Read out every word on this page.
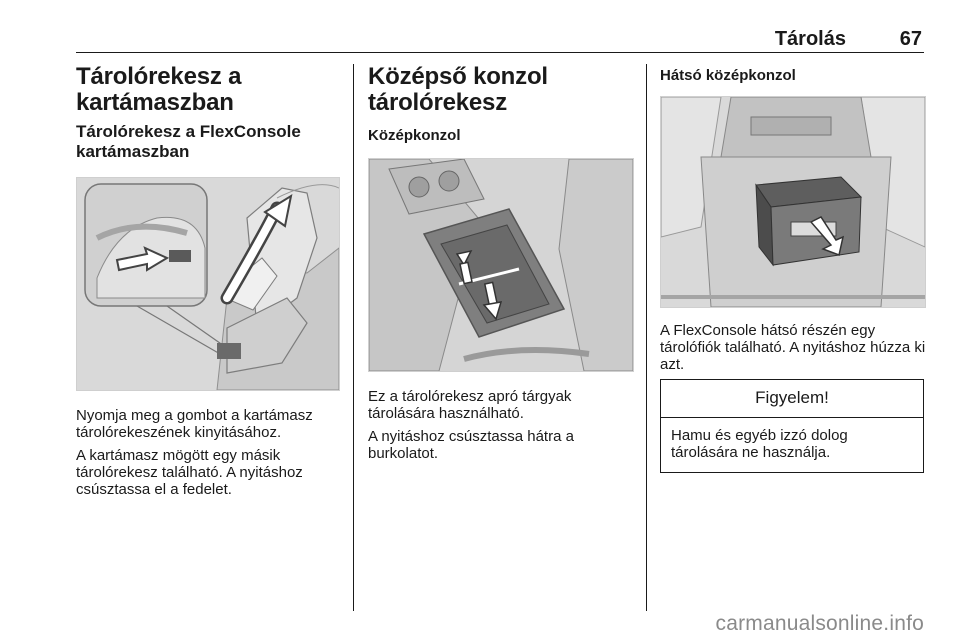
Tárolás	67
Tárolórekesz a kartámaszban
Tárolórekesz a FlexConsole kartámaszban

Nyomja meg a gombot a kartámasz tárolórekeszének kinyitásához.

A kartámasz mögött egy másik tárolórekesz található. A nyitáshoz csúsztassa el a fedelet.

Középső konzol tárolórekesz
Középkonzol

Ez a tárolórekesz apró tárgyak tárolására használható.

A nyitáshoz csúsztassa hátra a burkolatot.

Hátsó középkonzol

A FlexConsole hátsó részén egy tárolófiók található. A nyitáshoz húzza ki azt.

Figyelem!
Hamu és egyéb izzó dolog tárolására ne használja.
carmanualsonline.info
